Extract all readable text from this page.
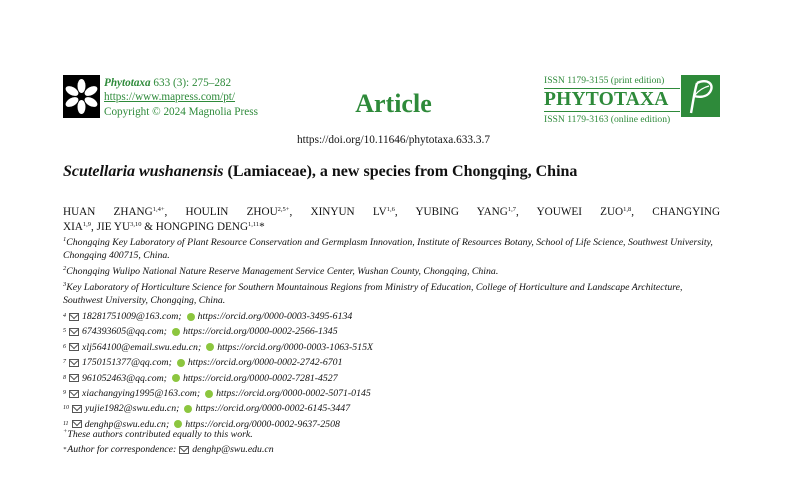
Phytotaxa 633 (3): 275–282
https://www.mapress.com/pt/
Copyright © 2024 Magnolia Press	Article
ISSN 1179-3155 (print edition)
PHYTOTAXA
ISSN 1179-3163 (online edition)
https://doi.org/10.11646/phytotaxa.633.3.7
Scutellaria wushanensis (Lamiaceae), a new species from Chongqing, China
HUAN $ZHANG^{1,4+}$, HOULIN $ZHOU^{2,5+}$, XINYUN LV$^{1,6}$, YUBING YANG$^{1,7}$, YOUWEI ZUO$^{1,8}$, CHANGYING
XIA$^{1,9}$, JIE YU$^{3,10}$ & HONGPING DENG$^{1,11}$*
$^1$Chongqing Key Laboratory of Plant Resource Conservation and Germplasm Innovation, Institute of Resources Botany, School of Life Science, Southwest University, Chongqing 400715, China.
$^2$Chongqing Wulipo National Nature Reserve Management Service Center, Wushan County, Chongqing, China.
$^3$Key Laboratory of Horticulture Science for Southern Mountainous Regions from Ministry of Education, College of Horticulture and Landscape Architecture, Southwest University, Chongqing, China.
4 18281751009@163.com; https://orcid.org/0000-0003-3495-6134
5 674393605@qq.com; https://orcid.org/0000-0002-2566-1345
6 xlj564100@email.swu.edu.cn; https://orcid.org/0000-0003-1063-515X
7 1750151377@qq.com; https://orcid.org/0000-0002-2742-6701
8 961052463@qq.com; https://orcid.org/0000-0002-7281-4527
9 xiachangying1995@163.com; https://orcid.org/0000-0002-5071-0145
10 yujie1982@swu.edu.cn; https://orcid.org/0000-0002-6145-3447
11 denghp@swu.edu.cn; https://orcid.org/0000-0002-9637-2508
+These authors contributed equally to this work.
* Author for correspondence: denghp@swu.edu.cn
